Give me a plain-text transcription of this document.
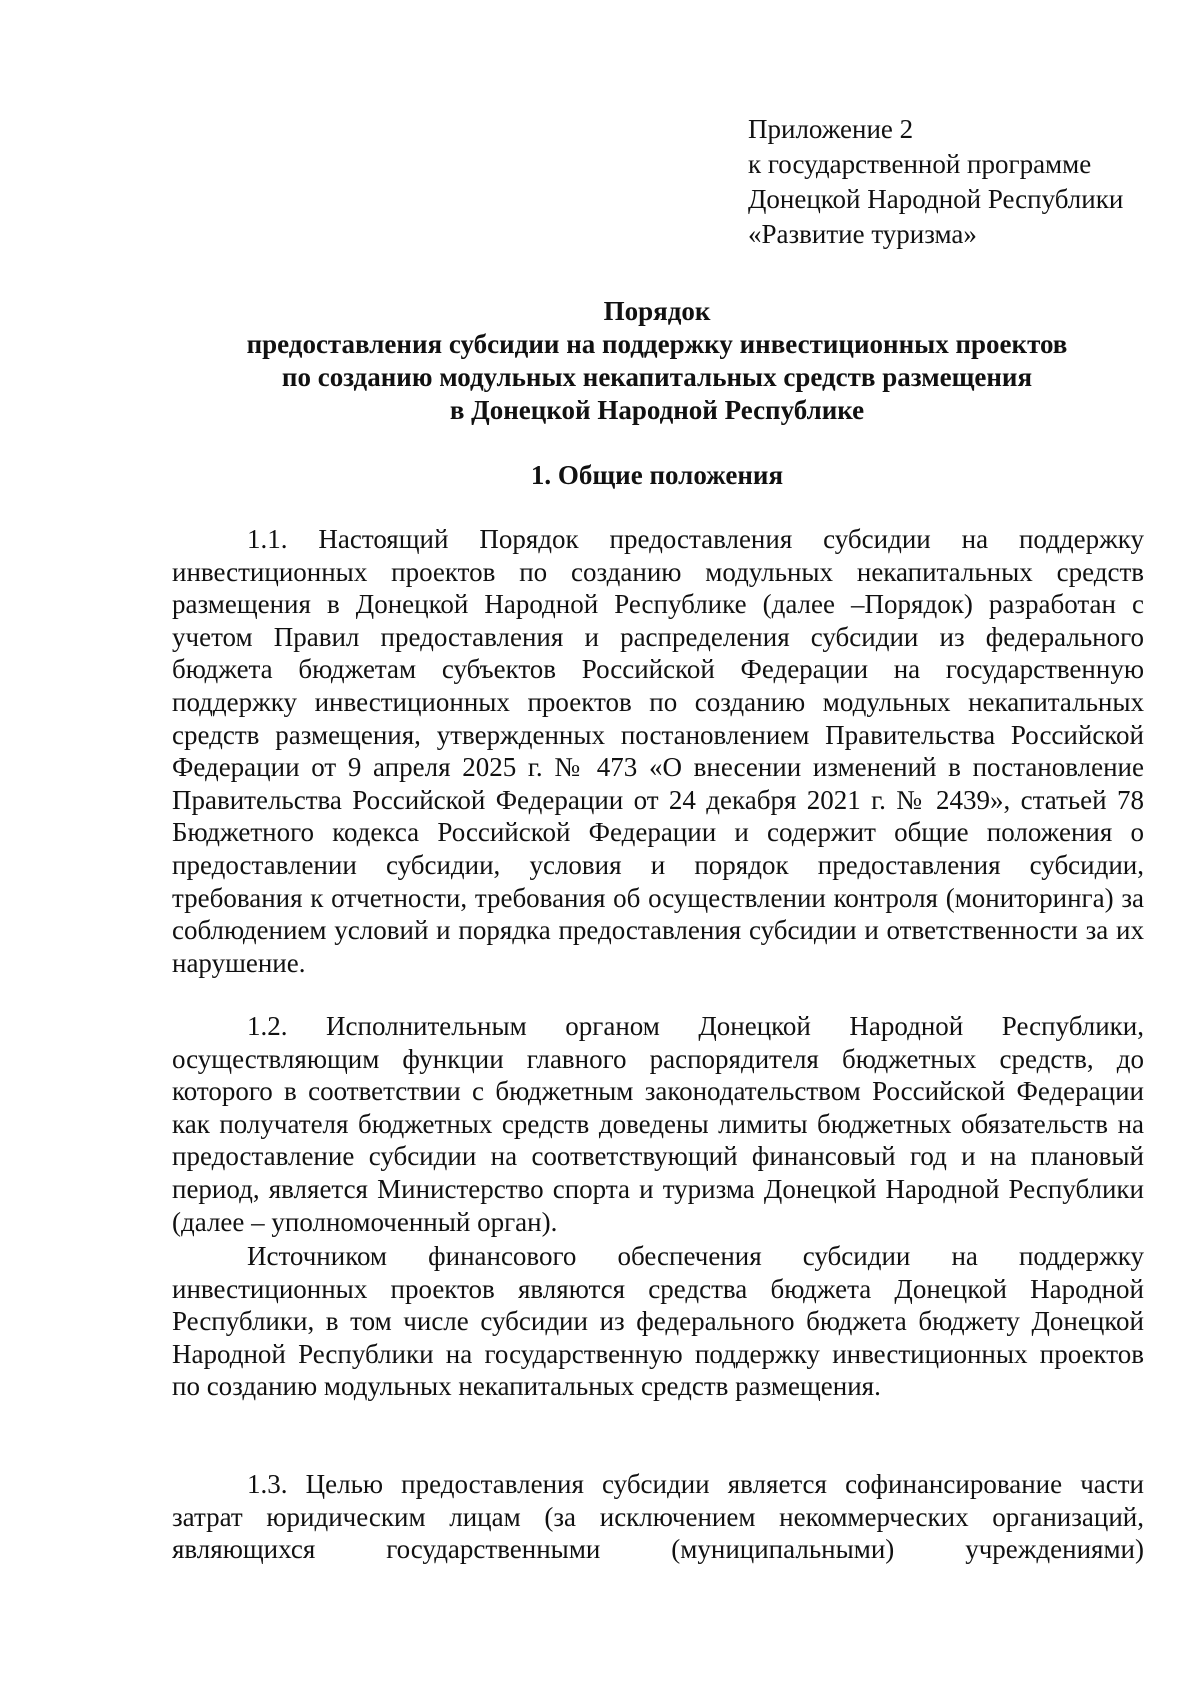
Приложение 2
к государственной программе
Донецкой Народной Республики
«Развитие туризма»
Порядок
предоставления субсидии на поддержку инвестиционных проектов
по созданию модульных некапитальных средств размещения
в Донецкой Народной Республике
1. Общие положения

1.1. Настоящий Порядок предоставления субсидии на поддержку инвестиционных проектов по созданию модульных некапитальных средств размещения в Донецкой Народной Республике (далее –Порядок) разработан с учетом Правил предоставления и распределения субсидии из федерального бюджета бюджетам субъектов Российской Федерации на государственную поддержку инвестиционных проектов по созданию модульных некапитальных средств размещения, утвержденных постановлением Правительства Российской Федерации от 9 апреля 2025 г. № 473 «О внесении изменений в постановление Правительства Российской Федерации от 24 декабря 2021 г. № 2439», статьей 78 Бюджетного кодекса Российской Федерации и содержит общие положения о предоставлении субсидии, условия и порядок предоставления субсидии, требования к отчетности, требования об осуществлении контроля (мониторинга) за соблюдением условий и порядка предоставления субсидии и ответственности за их нарушение.

1.2. Исполнительным органом Донецкой Народной Республики, осуществляющим функции главного распорядителя бюджетных средств, до которого в соответствии с бюджетным законодательством Российской Федерации как получателя бюджетных средств доведены лимиты бюджетных обязательств на предоставление субсидии на соответствующий финансовый год и на плановый период, является Министерство спорта и туризма Донецкой Народной Республики (далее – уполномоченный орган).

Источником финансового обеспечения субсидии на поддержку инвестиционных проектов являются средства бюджета Донецкой Народной Республики, в том числе субсидии из федерального бюджета бюджету Донецкой Народной Республики на государственную поддержку инвестиционных проектов по созданию модульных некапитальных средств размещения.

1.3. Целью предоставления субсидии является софинансирование части затрат юридическим лицам (за исключением некоммерческих организаций, являющихся государственными (муниципальными) учреждениями)
